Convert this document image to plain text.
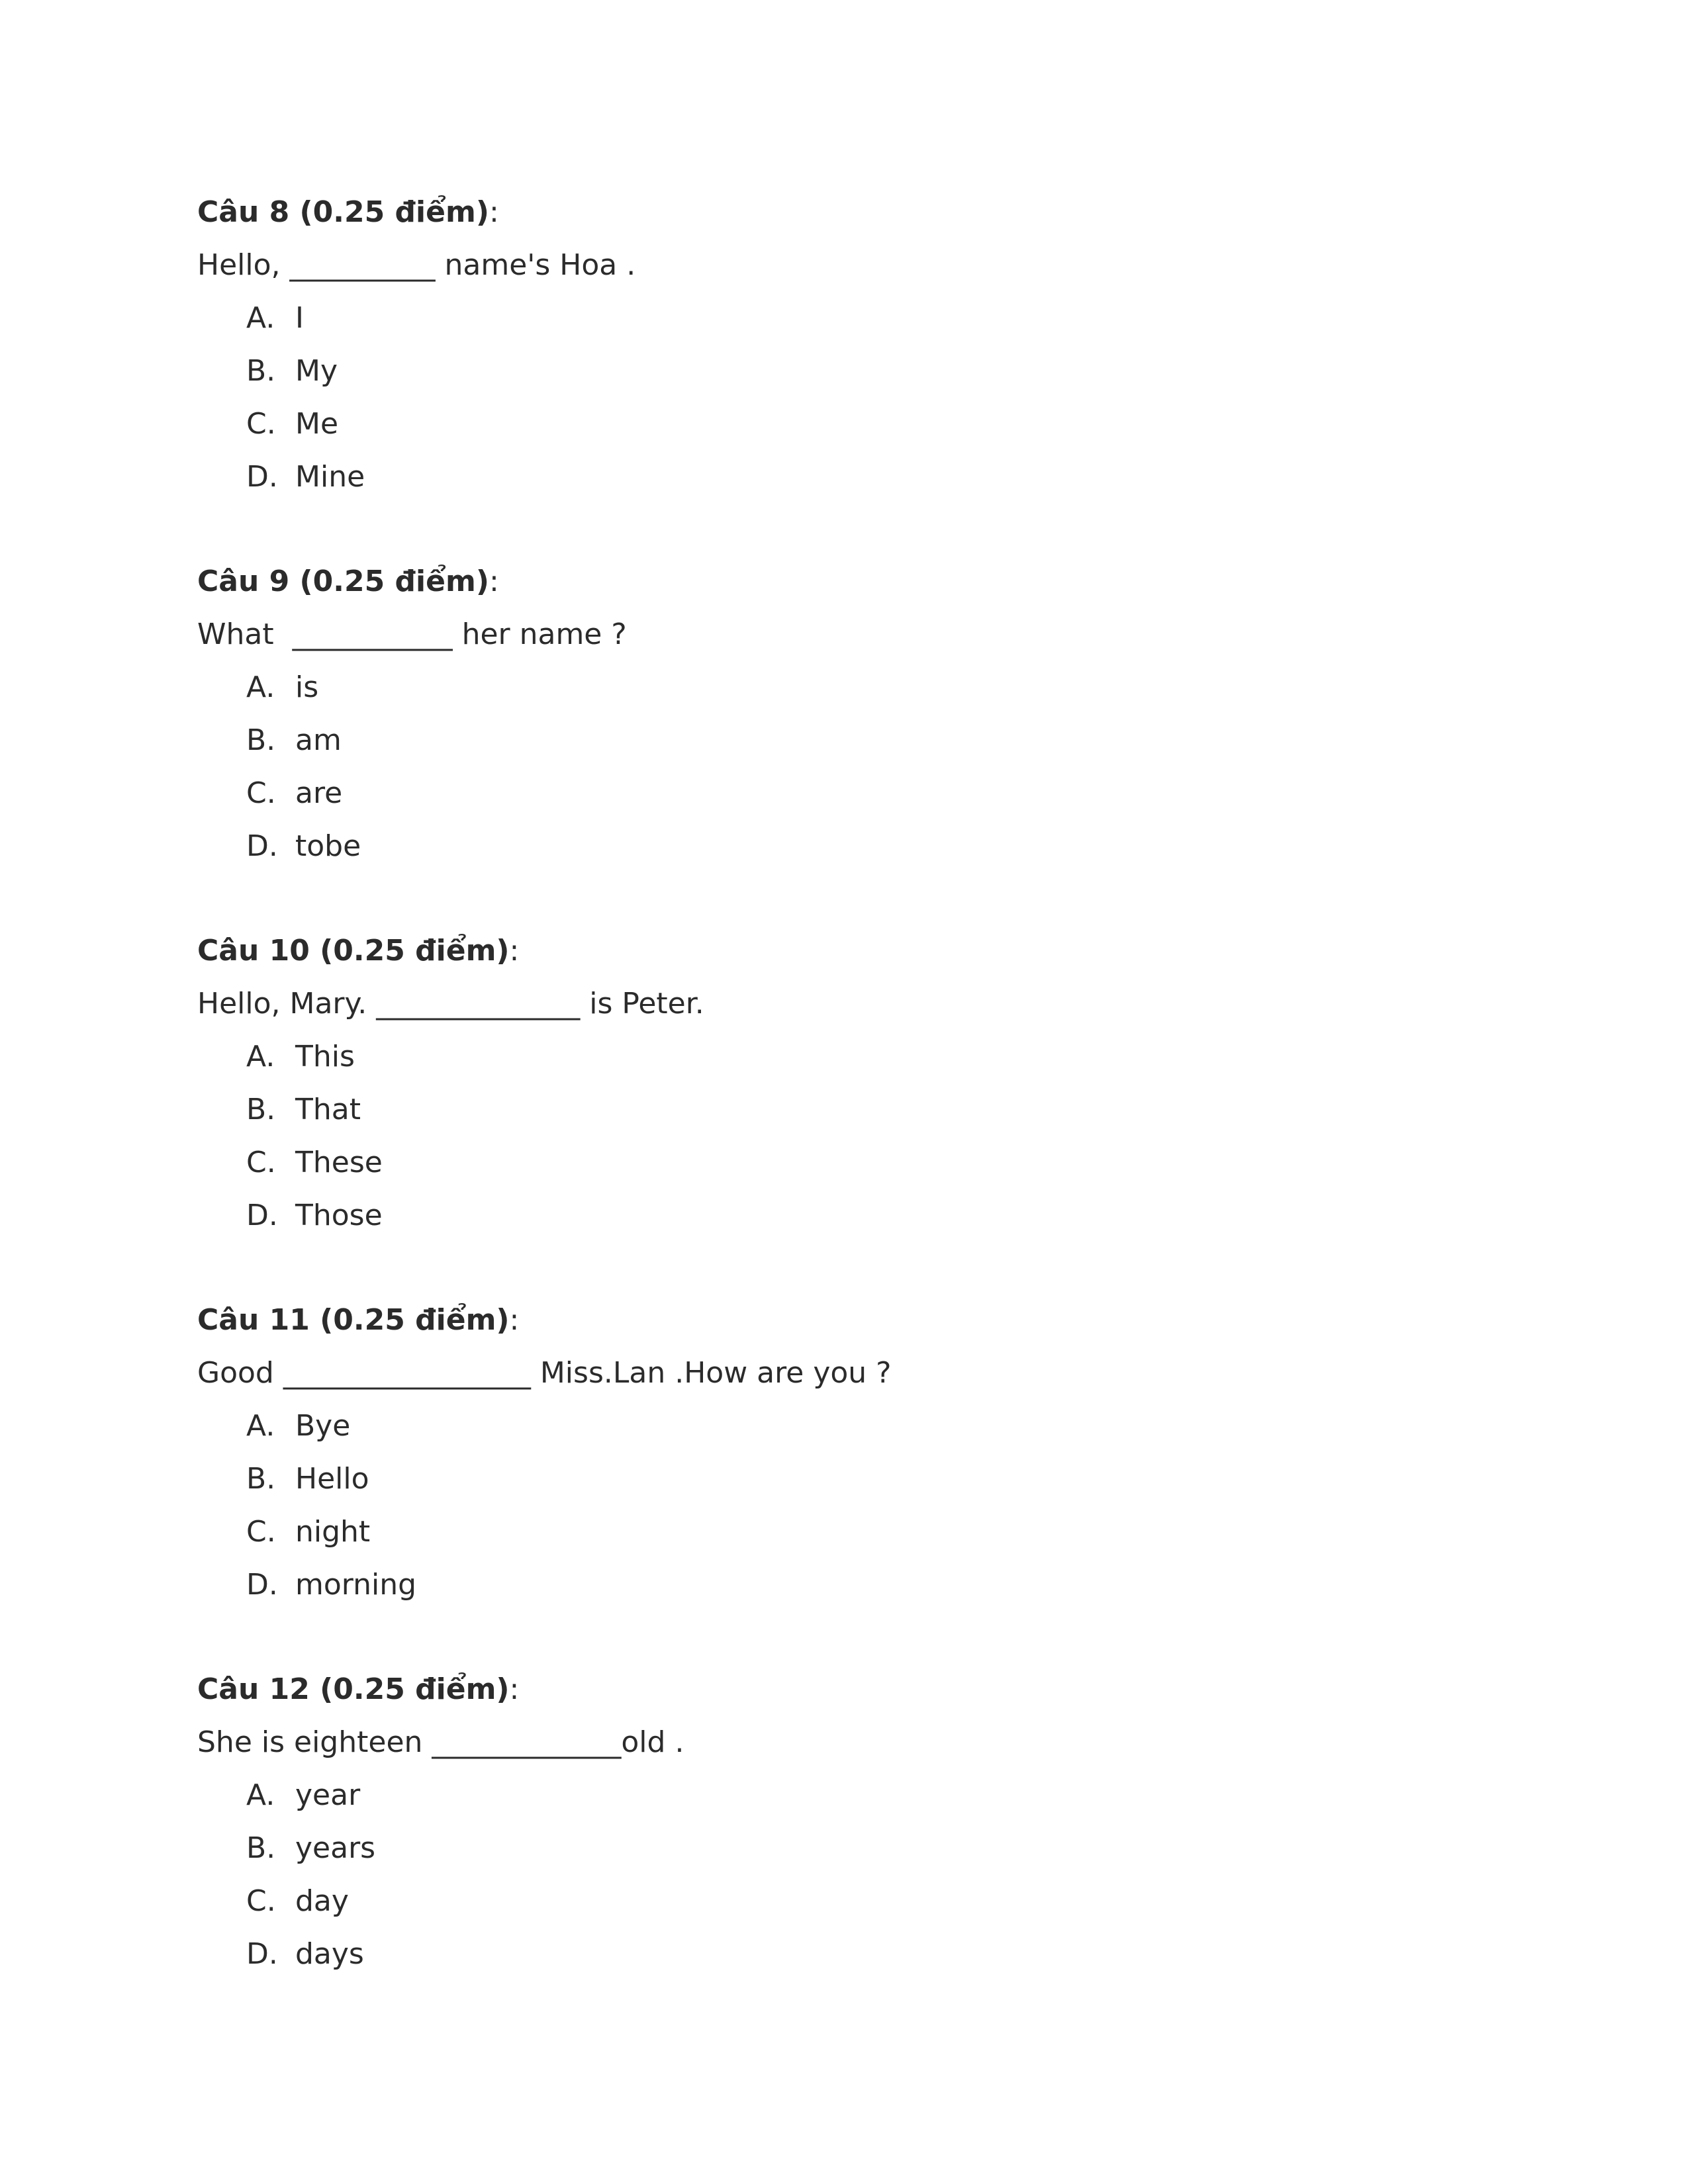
Câu 8 (0.25 điểm):
Hello, __________ name's Hoa .
A. I
B. My
C. Me
D. Mine
Câu 9 (0.25 điểm):
What  ___________ her name ?
A. is
B. am
C. are
D. tobe
Câu 10 (0.25 điểm):
Hello, Mary. ______________ is Peter.
A. This
B. That
C. These
D. Those
Câu 11 (0.25 điểm):
Good _________________ Miss.Lan .How are you ?
A. Bye
B. Hello
C. night
D. morning
Câu 12 (0.25 điểm):
She is eighteen _____________old .
A. year
B. years
C. day
D. days
